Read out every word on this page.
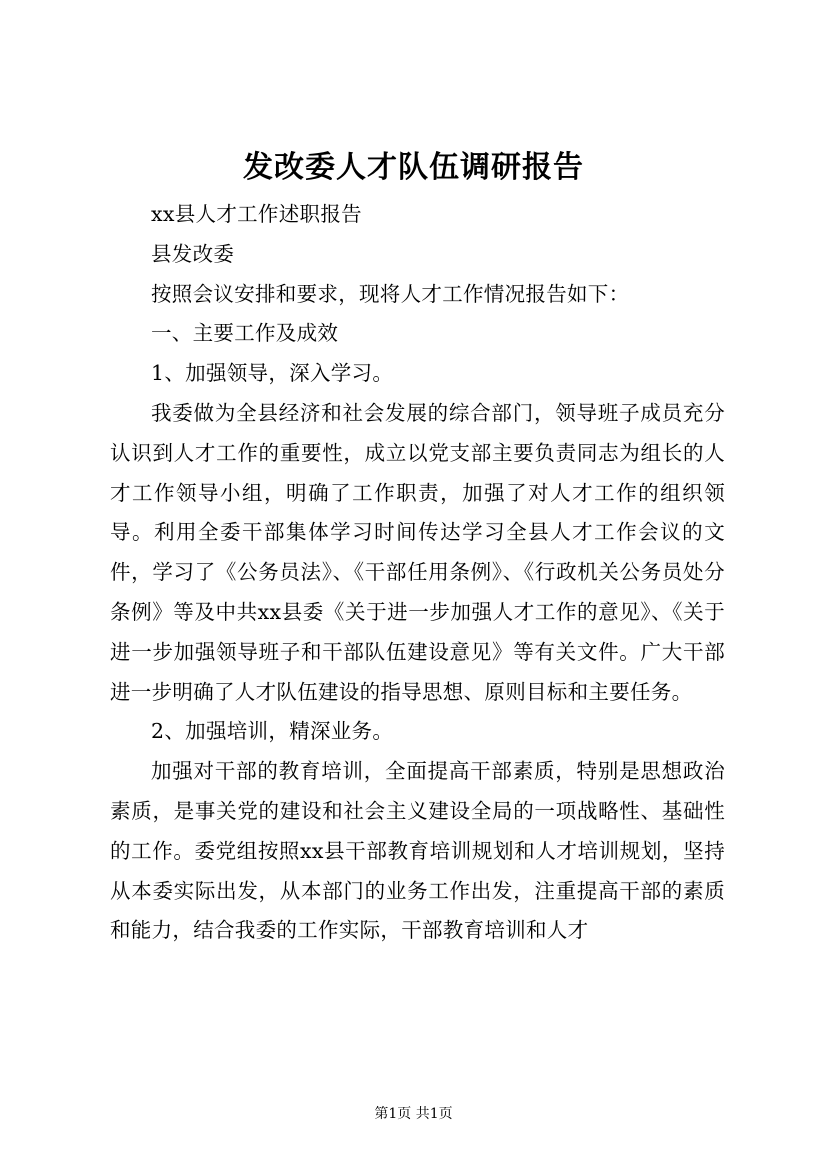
发改委人才队伍调研报告

xx县人才工作述职报告

县发改委

按照会议安排和要求，现将人才工作情况报告如下：

一、主要工作及成效

1、加强领导，深入学习。

我委做为全县经济和社会发展的综合部门，领导班子成员充分认识到人才工作的重要性，成立以党支部主要负责同志为组长的人才工作领导小组，明确了工作职责，加强了对人才工作的组织领导。利用全委干部集体学习时间传达学习全县人才工作会议的文件，学习了《公务员法》、《干部任用条例》、《行政机关公务员处分条例》等及中共xx县委《关于进一步加强人才工作的意见》、《关于进一步加强领导班子和干部队伍建设意见》等有关文件。广大干部进一步明确了人才队伍建设的指导思想、原则目标和主要任务。

2、加强培训，精深业务。

加强对干部的教育培训，全面提高干部素质，特别是思想政治素质，是事关党的建设和社会主义建设全局的一项战略性、基础性的工作。委党组按照xx县干部教育培训规划和人才培训规划，坚持从本委实际出发，从本部门的业务工作出发，注重提高干部的素质和能力，结合我委的工作实际，干部教育培训和人才

第1页 共1页
